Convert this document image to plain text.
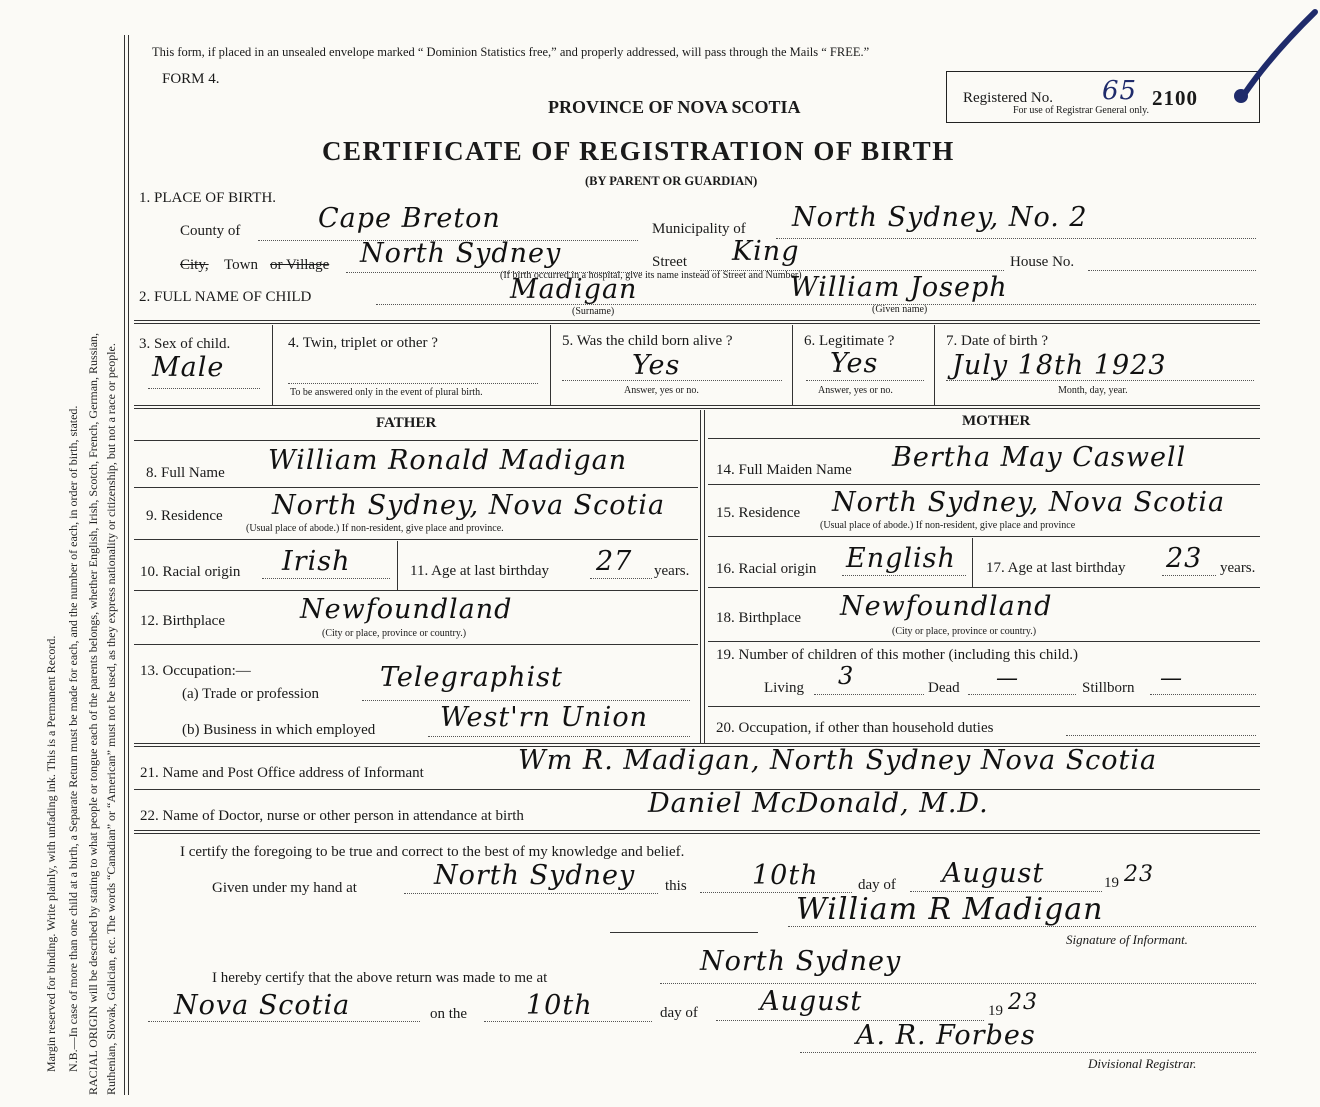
Margin reserved for binding. Write plainly, with unfading ink. This is a Permanent Record. N.B.—In case of more than one child at a birth, a Separate Return must be made for each, and the number of each, in order of birth, stated. RACIAL ORIGIN will be described by stating to what people or tongue each of the parents belongs, whether English, Irish, Scotch, French, German, Russian, Ruthenian, Slovak, Galician, etc. The words “Canadian” or “American” must not be used, as they express nationality or citizenship, but not a race or people.
This form, if placed in an unsealed envelope marked “ Dominion Statistics free,” and properly addressed, will pass through the Mails “ FREE.”
FORM 4.
PROVINCE OF NOVA SCOTIA
CERTIFICATE OF REGISTRATION OF BIRTH
(BY PARENT OR GUARDIAN)
Registered No. 65 2100
For use of Registrar General only.
1. PLACE OF BIRTH.
County of	Cape Breton	Municipality of North Sydney, No. 2
City, Town or Village North Sydney	Street King	House No.
(If birth occurred in a hospital, give its name instead of Street and Number)
2. FULL NAME OF CHILD	Madigan	William Joseph
(Surname)	(Given name)
3. Sex of child.
Male
4. Twin, triplet or other ?
To be answered only in the event of plural birth.
5. Was the child born alive ?
Yes
Answer, yes or no.
6. Legitimate ?
Yes
Answer, yes or no.
7. Date of birth ?
July 18th 1923
Month, day, year.
FATHER	MOTHER
8. Full Name William Ronald Madigan
9. Residence North Sydney, Nova Scotia
(Usual place of abode.) If non-resident, give place and province.
10. Racial origin Irish	11. Age at last birthday 27 years.
12. Birthplace	Newfoundland
(City or place, province or country.)
13. Occupation:—
(a) Trade or profession
Telegraphist
(b) Business in which employed West'rn Union
14. Full Maiden Name Bertha May Caswell
15. Residence North Sydney, Nova Scotia
(Usual place of abode.) If non-resident, give place and province
16. Racial origin English 17. Age at last birthday 23 years.
18. Birthplace Newfoundland
(City or place, province or country.)
19. Number of children of this mother (including this child.)
Living 3	Dead —	Stillborn —
20. Occupation, if other than household duties
21. Name and Post Office address of Informant	Wm R. Madigan, North Sydney Nova Scotia
22. Name of Doctor, nurse or other person in attendance at birth	Daniel McDonald, M.D.
I certify the foregoing to be true and correct to the best of my knowledge and belief.
Given under my hand at	North Sydney this 10th	day of August	19 23
William R Madigan
Signature of Informant.
I hereby certify that the above return was made to me at
North Sydney
Nova Scotia	on the 10th	day of August	19 23
A. R. Forbes
Divisional Registrar.
